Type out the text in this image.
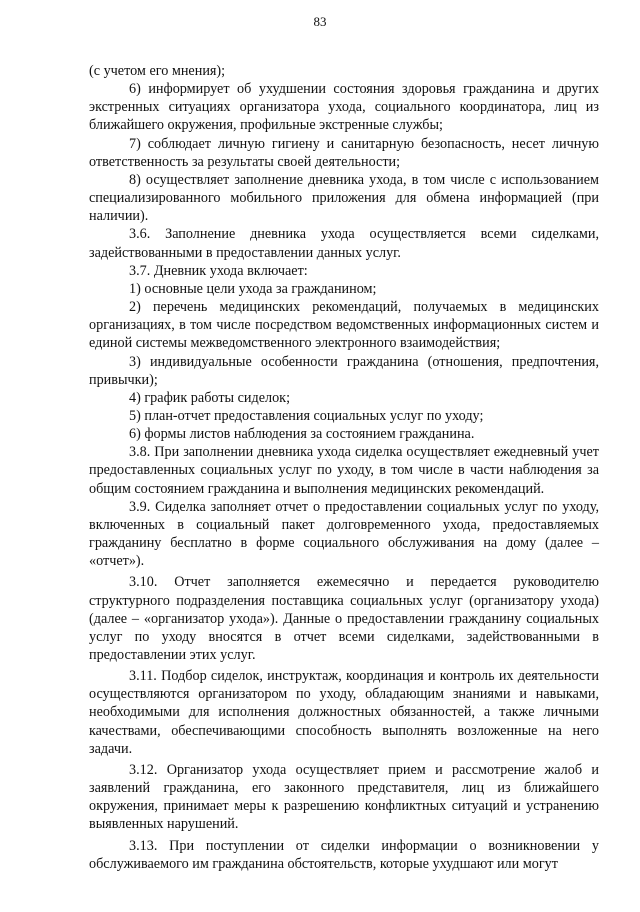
83

(с учетом его мнения);

6) информирует об ухудшении состояния здоровья гражданина и других экстренных ситуациях организатора ухода, социального координатора, лиц из ближайшего окружения, профильные экстренные службы;

7) соблюдает личную гигиену и санитарную безопасность, несет личную ответственность за результаты своей деятельности;

8) осуществляет заполнение дневника ухода, в том числе с использованием специализированного мобильного приложения для обмена информацией (при наличии).

3.6. Заполнение дневника ухода осуществляется всеми сиделками, задействованными в предоставлении данных услуг.

3.7. Дневник ухода включает:

1) основные цели ухода за гражданином;

2) перечень медицинских рекомендаций, получаемых в медицинских организациях, в том числе посредством ведомственных информационных систем и единой системы межведомственного электронного взаимодействия;

3) индивидуальные особенности гражданина (отношения, предпочтения, привычки);

4) график работы сиделок;

5) план-отчет предоставления социальных услуг по уходу;

6) формы листов наблюдения за состоянием гражданина.

3.8. При заполнении дневника ухода сиделка осуществляет ежедневный учет предоставленных социальных услуг по уходу, в том числе в части наблюдения за общим состоянием гражданина и выполнения медицинских рекомендаций.

3.9. Сиделка заполняет отчет о предоставлении социальных услуг по уходу, включенных в социальный пакет долговременного ухода, предоставляемых гражданину бесплатно в форме социального обслуживания на дому (далее – «отчет»).

3.10. Отчет заполняется ежемесячно и передается руководителю структурного подразделения поставщика социальных услуг (организатору ухода) (далее – «организатор ухода»). Данные о предоставлении гражданину социальных услуг по уходу вносятся в отчет всеми сиделками, задействованными в предоставлении этих услуг.

3.11. Подбор сиделок, инструктаж, координация и контроль их деятельности осуществляются организатором по уходу, обладающим знаниями и навыками, необходимыми для исполнения должностных обязанностей, а также личными качествами, обеспечивающими способность выполнять возложенные на него задачи.

3.12. Организатор ухода осуществляет прием и рассмотрение жалоб и заявлений гражданина, его законного представителя, лиц из ближайшего окружения, принимает меры к разрешению конфликтных ситуаций и устранению выявленных нарушений.

3.13. При поступлении от сиделки информации о возникновении у обслуживаемого им гражданина обстоятельств, которые ухудшают или могут
